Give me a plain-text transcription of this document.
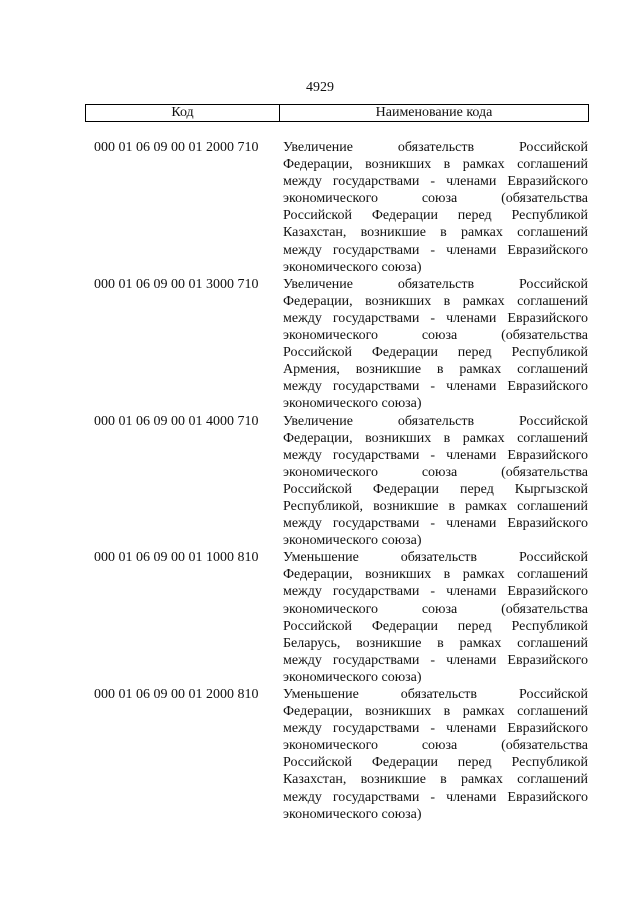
4929
Код	Наименование кода
000 01 06 09 00 01 2000 710	Увеличение обязательств Российской
Федерации, возникших в рамках соглашений
между государствами - членами Евразийского
экономического союза (обязательства
Российской Федерации перед Республикой
Казахстан, возникшие в рамках соглашений
между государствами - членами Евразийского
экономического союза)
000 01 06 09 00 01 3000 710	Увеличение обязательств Российской
Федерации, возникших в рамках соглашений
между государствами - членами Евразийского
экономического союза (обязательства
Российской Федерации перед Республикой
Армения, возникшие в рамках соглашений
между государствами - членами Евразийского
экономического союза)
000 01 06 09 00 01 4000 710	Увеличение обязательств Российской
Федерации, возникших в рамках соглашений
между государствами - членами Евразийского
экономического союза (обязательства
Российской Федерации перед Кыргызской
Республикой, возникшие в рамках соглашений
между государствами - членами Евразийского
экономического союза)
000 01 06 09 00 01 1000 810	Уменьшение обязательств Российской
Федерации, возникших в рамках соглашений
между государствами - членами Евразийского
экономического союза (обязательства
Российской Федерации перед Республикой
Беларусь, возникшие в рамках соглашений
между государствами - членами Евразийского
экономического союза)
000 01 06 09 00 01 2000 810	Уменьшение обязательств Российской
Федерации, возникших в рамках соглашений
между государствами - членами Евразийского
экономического союза (обязательства
Российской Федерации перед Республикой
Казахстан, возникшие в рамках соглашений
между государствами - членами Евразийского
экономического союза)
